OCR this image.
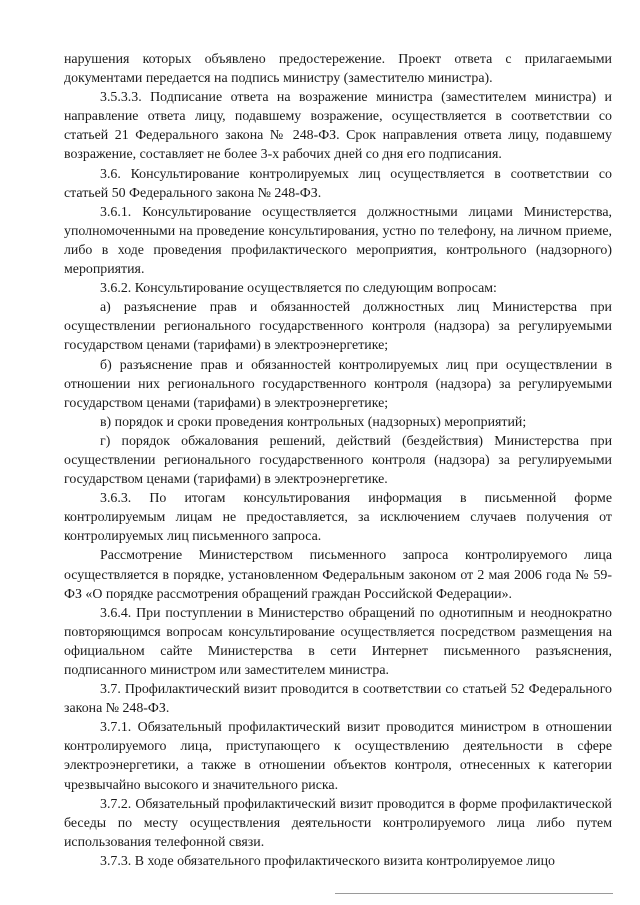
нарушения которых объявлено предостережение. Проект ответа с прилагаемыми документами передается на подпись министру (заместителю министра).

3.5.3.3. Подписание ответа на возражение министра (заместителем министра) и направление ответа лицу, подавшему возражение, осуществляется в соответствии со статьей 21 Федерального закона № 248-ФЗ. Срок направления ответа лицу, подавшему возражение, составляет не более 3-х рабочих дней со дня его подписания.

3.6. Консультирование контролируемых лиц осуществляется в соответствии со статьей 50 Федерального закона № 248-ФЗ.

3.6.1. Консультирование осуществляется должностными лицами Министерства, уполномоченными на проведение консультирования, устно по телефону, на личном приеме, либо в ходе проведения профилактического мероприятия, контрольного (надзорного) мероприятия.

3.6.2. Консультирование осуществляется по следующим вопросам:

а) разъяснение прав и обязанностей должностных лиц Министерства при осуществлении регионального государственного контроля (надзора) за регулируемыми государством ценами (тарифами) в электроэнергетике;

б) разъяснение прав и обязанностей контролируемых лиц при осуществлении в отношении них регионального государственного контроля (надзора) за регулируемыми государством ценами (тарифами) в электроэнергетике;

в) порядок и сроки проведения контрольных (надзорных) мероприятий;

г) порядок обжалования решений, действий (бездействия) Министерства при осуществлении регионального государственного контроля (надзора) за регулируемыми государством ценами (тарифами) в электроэнергетике.

3.6.3. По итогам консультирования информация в письменной форме контролируемым лицам не предоставляется, за исключением случаев получения от контролируемых лиц письменного запроса.

Рассмотрение Министерством письменного запроса контролируемого лица осуществляется в порядке, установленном Федеральным законом от 2 мая 2006 года № 59-ФЗ «О порядке рассмотрения обращений граждан Российской Федерации».

3.6.4. При поступлении в Министерство обращений по однотипным и неоднократно повторяющимся вопросам консультирование осуществляется посредством размещения на официальном сайте Министерства в сети Интернет письменного разъяснения, подписанного министром или заместителем министра.

3.7. Профилактический визит проводится в соответствии со статьей 52 Федерального закона № 248-ФЗ.

3.7.1. Обязательный профилактический визит проводится министром в отношении контролируемого лица, приступающего к осуществлению деятельности в сфере электроэнергетики, а также в отношении объектов контроля, отнесенных к категории чрезвычайно высокого и значительного риска.

3.7.2. Обязательный профилактический визит проводится в форме профилактической беседы по месту осуществления деятельности контролируемого лица либо путем использования телефонной связи.

3.7.3. В ходе обязательного профилактического визита контролируемое лицо
